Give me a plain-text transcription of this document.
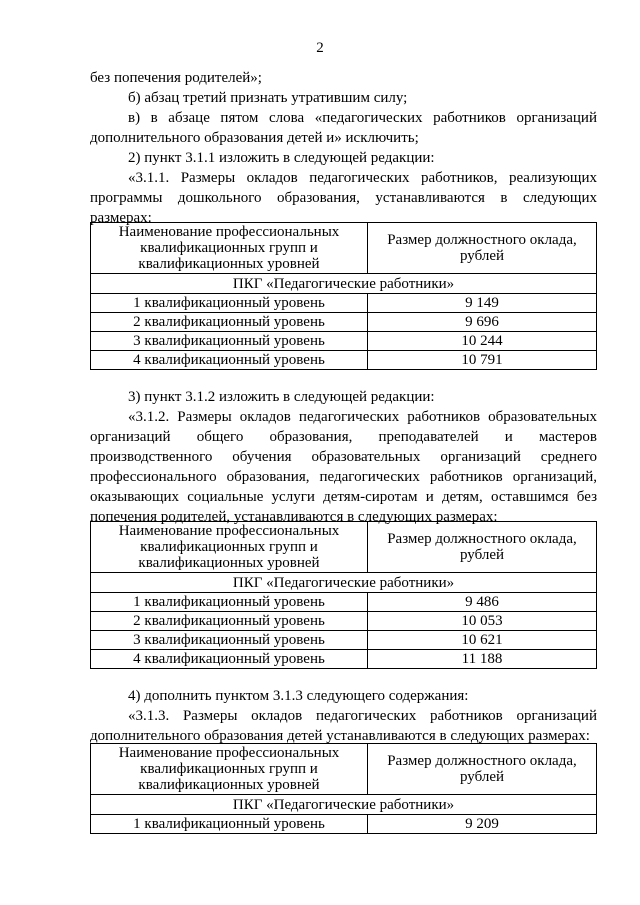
2

без попечения родителей»;

б) абзац третий признать утратившим силу;

в) в абзаце пятом слова «педагогических работников организаций дополнительного образования детей и» исключить;

2) пункт 3.1.1 изложить в следующей редакции:

«3.1.1. Размеры окладов педагогических работников, реализующих программы дошкольного образования, устанавливаются в следующих размерах:

Наименование профессиональных квалификационных групп и квалификационных уровней	Размер должностного оклада, рублей
ПКГ «Педагогические работники»	
1 квалификационный уровень	9 149
2 квалификационный уровень	9 696
3 квалификационный уровень	10 244
4 квалификационный уровень	10 791

3) пункт 3.1.2 изложить в следующей редакции:

«3.1.2. Размеры окладов педагогических работников образовательных организаций общего образования, преподавателей и мастеров производственного обучения образовательных организаций среднего профессионального образования, педагогических работников организаций, оказывающих социальные услуги детям-сиротам и детям, оставшимся без попечения родителей, устанавливаются в следующих размерах:

Наименование профессиональных квалификационных групп и квалификационных уровней	Размер должностного оклада, рублей
ПКГ «Педагогические работники»	
1 квалификационный уровень	9 486
2 квалификационный уровень	10 053
3 квалификационный уровень	10 621
4 квалификационный уровень	11 188

4) дополнить пунктом 3.1.3 следующего содержания:

«3.1.3. Размеры окладов педагогических работников организаций дополнительного образования детей устанавливаются в следующих размерах:

Наименование профессиональных квалификационных групп и квалификационных уровней	Размер должностного оклада, рублей
ПКГ «Педагогические работники»	
1 квалификационный уровень	9 209
